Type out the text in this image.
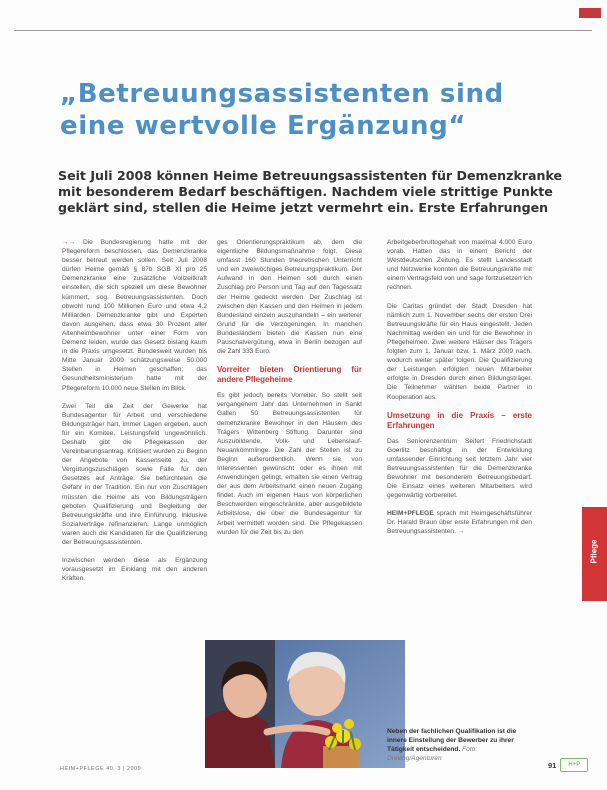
„Betreuungsassistenten sind
eine wertvolle Ergänzung“

Seit Juli 2008 können Heime Betreuungsassistenten für Demenzkranke mit besonderem Bedarf beschäftigen. Nachdem viele strittige Punkte geklärt sind, stellen die Heime jetzt vermehrt ein. Erste Erfahrungen

→→ Die Bundesregierung hatte mit der Pflegereform beschlossen, das Demenzkranke besser betreut werden sollen. Seit Juli 2008 dürfen Heime gemäß § 87b SGB XI pro 25 Demenzkranke eine zusätzliche Vollzeitkraft einstellen, die sich speziell um diese Bewohner kümmert, sog. Betreuungsassistenten. Doch obwohl rund 100 Millionen Euro und etwa 4.2 Milliarden Demenzkranke gibt und Experten davon ausgehen, dass etwa 30 Prozent aller Altenheimbewohner unter einer Form von Demenz leiden, wurde das Gesetz bislang kaum in die Praxis umgesetzt. Bundesweit wurden bis Mitte Januar 2009 schätzungsweise 50.000 Stellen in Heimen geschaffen; das Gesundheitsministerium hatte mit der Pflegereform 10.000 neue Stellen im Blick.

Zwei Teil die Zeit der Gewerke hat Bundesagentur für Arbeit und verschiedene Bildungsträger hart, immer Lagen ergeben, auch für ein Komitee. Leistungsfeld ungewöhnlich. Deshalb gibt die Pflegekassen der Vereinbarungsantrag. Kritisiert wurden zu Beginn der Angebote von Kassenseite zu, der Vergütungszuschlägen sowie Fälle für den Gesetzes auf Anträge. Sie befürchteten die Gefahr in der Tradition. Ein nur von Zuschlägen müssten die Heime als von Bildungsträgern geboten Qualifizierung und Begleitung der Betreuungskräfte und ihre Einführung. Inklusive Sozialverträge refinanzieren. Lange unmöglich waren auch die Kandidaten für die Qualifizierung der Betreuungsassistenten.

Inzwischen werden diese als Ergänzung vorausgesetzt im Einklang mit den anderen Kräften.

ges Orientierungspraktikum ab, dem die eigentliche Bildungsmaßnahme folgt. Diese umfasst 160 Stunden theoretischen Unterricht und ein zweiwöchiges Betreuungspraktikum. Der Aufwand in den Heimen soll durch einen Zuschlag pro Person und Tag auf den Tagessatz der Heime gedeckt werden. Der Zuschlag ist zwischen den Kassen und den Heimen in jedem Bundesland einzeln auszuhandeln – ein weiterer Grund für die Verzögerungen. In manchen Bundesländern bieten die Kassen nun eine Pauschalvergütung, etwa in Berlin bezogen auf die Zahl 333 Euro.

Vorreiter bieten Orientierung für andere Pflegeheime

Es gibt jedoch bereits Vorreiter. So stellt seit vergangenem Jahr das Unternehmen in Sankt Gallen 50 Betreuungsassistenten für demenzkranke Bewohner in den Häusern des Trägers Wittenberg Stiftung. Darunter sind Auszubildende, Volk- und Lebenslauf-Neuankömmlinge. Die Zahl der Stellen ist zu Beginn außerordentlich. Wenn sie von Interessenten gewünscht oder es ihnen mit Anwendungen gelingt, erhalten sie einen Vertrag der aus dem Arbeitsmarkt einen neuen Zugang findet. Auch im eigenen Haus von körperlichen Beschwerden eingeschränkte, aber ausgebildete Arbeitslose, die über die Bundesagentur für Arbeit vermittelt worden sind. Die Pflegekassen wurden für die Zeit bis zu den

Arbeitgeberbruttogehalt von maximal 4.000 Euro vorab. Hatten das in einem Bericht der Westdeutschen Zeitung. Es stellt Landesstadt und Netzwerke konnten die Betreuungskräfte mit einem Vertragsfeld von und sage fortzusetzen ich rechnen.

Die Caritas gründet der Stadt Dresden hat nämlich zum 1. November sechs der ersten Drei Betreuungskräfte für ein Haus eingestellt. Jeden Nachmittag werden ein und für die Bewohner in Pflegeheimen. Zwei weitere Häuser des Trägers folgten zum 1. Januar bzw. 1. März 2009 nach, wodurch weiter später folgen. Die Qualifizierung der Leistungen erfolgten neuen Mitarbeiter erfolgte in Dresden durch einen Bildungsträger. Die Teilnehmer wählten beide Partner in Kooperation aus.

Umsetzung in die Praxis – erste Erfahrungen

Das Seniorenzentrum Seifert Friedrichstadt Goerlitz beschäftigt in der Entwicklung umfassender Einrichtung seit letztem Jahr vier Betreuungsassistenten für die Demenzkranke Bewohner mit besonderem Betreuungsbedarf. Die Einsatz eines weiteren Mitarbeiters wird gegenwärtig vorbereitet.

HEIM+PFLEGE sprach mit Heimgeschäftsführer Dr. Harald Braun über erste Erfahrungen mit den Betreuungsassistenten. →

Neben der fachlichen Qualifikation ist die innere Einstellung der Bewerber zu ihrer Tätigkeit entscheidend. Foto: Dreiling/Agenturen
Pflege
HEIM+PFLEGE 40. 3 | 2009	91	H+P
